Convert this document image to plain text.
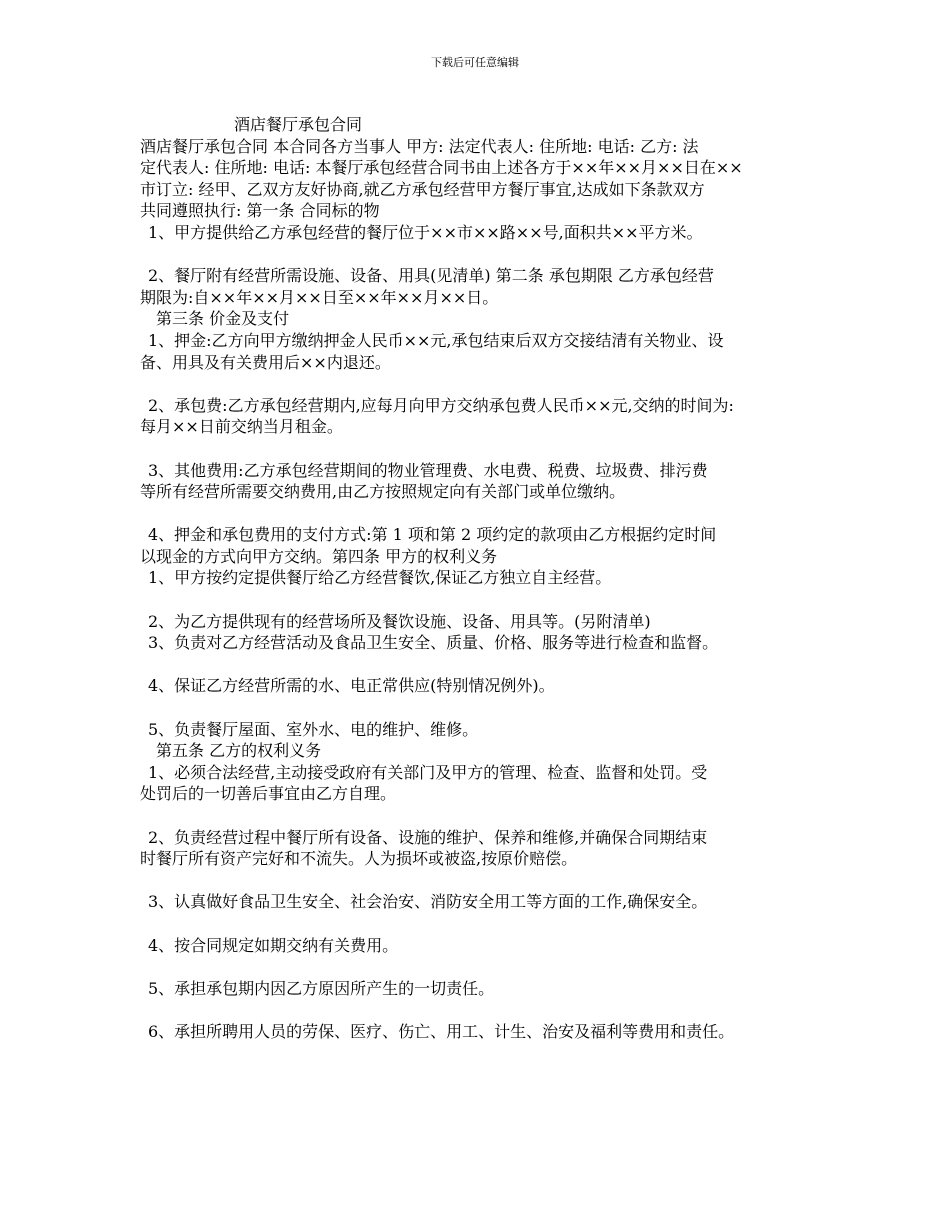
下载后可任意编辑
酒店餐厅承包合同

酒店餐厅承包合同 本合同各方当事人 甲方: 法定代表人: 住所地: 电话: 乙方: 法

定代表人: 住所地: 电话: 本餐厅承包经营合同书由上述各方于××年××月××日在××

市订立: 经甲、乙双方友好协商,就乙方承包经营甲方餐厅事宜,达成如下条款双方

共同遵照执行: 第一条 合同标的物

1、甲方提供给乙方承包经营的餐厅位于××市××路××号,面积共××平方米。

2、餐厅附有经营所需设施、设备、用具(见清单) 第二条 承包期限 乙方承包经营

期限为:自××年××月××日至××年××月××日。

第三条 价金及支付

1、押金:乙方向甲方缴纳押金人民币××元,承包结束后双方交接结清有关物业、设

备、用具及有关费用后××内退还。

2、承包费:乙方承包经营期内,应每月向甲方交纳承包费人民币××元,交纳的时间为:

每月××日前交纳当月租金。

3、其他费用:乙方承包经营期间的物业管理费、水电费、税费、垃圾费、排污费

等所有经营所需要交纳费用,由乙方按照规定向有关部门或单位缴纳。

4、押金和承包费用的支付方式:第 1 项和第 2 项约定的款项由乙方根据约定时间

以现金的方式向甲方交纳。第四条 甲方的权利义务

1、甲方按约定提供餐厅给乙方经营餐饮,保证乙方独立自主经营。

2、为乙方提供现有的经营场所及餐饮设施、设备、用具等。(另附清单)

3、负责对乙方经营活动及食品卫生安全、质量、价格、服务等进行检查和监督。

4、保证乙方经营所需的水、电正常供应(特别情况例外)。

5、负责餐厅屋面、室外水、电的维护、维修。

第五条 乙方的权利义务

1、必须合法经营,主动接受政府有关部门及甲方的管理、检查、监督和处罚。受

处罚后的一切善后事宜由乙方自理。

2、负责经营过程中餐厅所有设备、设施的维护、保养和维修,并确保合同期结束

时餐厅所有资产完好和不流失。人为损坏或被盗,按原价赔偿。

3、认真做好食品卫生安全、社会治安、消防安全用工等方面的工作,确保安全。

4、按合同规定如期交纳有关费用。

5、承担承包期内因乙方原因所产生的一切责任。

6、承担所聘用人员的劳保、医疗、伤亡、用工、计生、治安及福利等费用和责任。
